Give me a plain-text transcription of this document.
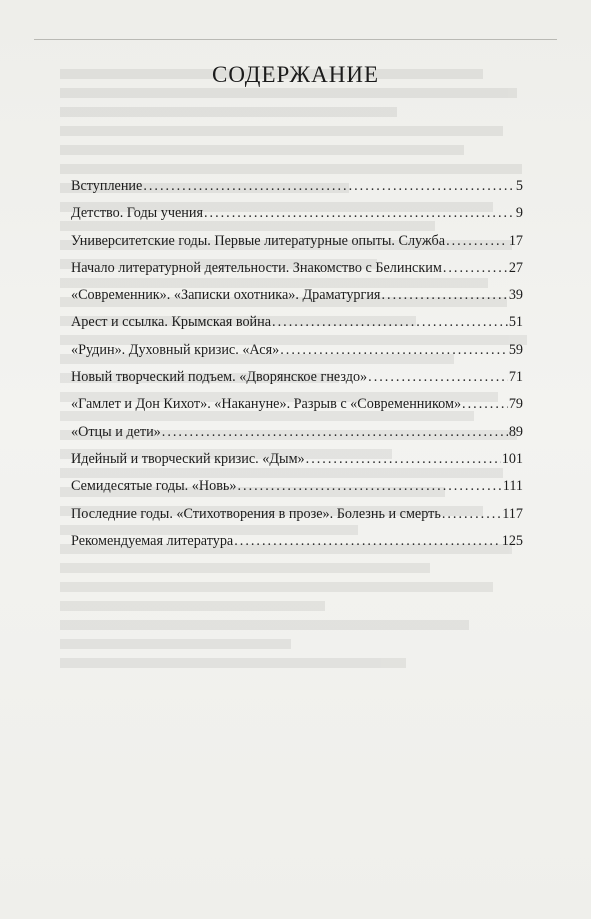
СОДЕРЖАНИЕ
Вступление .....	5
Детство. Годы учения .....	9
Университетские годы. Первые литературные опыты. Служба .....	17
Начало литературной деятельности. Знакомство с Белинским .....	27
«Современник». «Записки охотника». Драматургия .....	39
Арест и ссылка. Крымская война .....	51
«Рудин». Духовный кризис. «Ася» .....	59
Новый творческий подъем. «Дворянское гнездо» .....	71
«Гамлет и Дон Кихот». «Накануне». Разрыв с «Современником» .....	79
«Отцы и дети» .....	89
Идейный и творческий кризис. «Дым» .....	101
Семидесятые годы. «Новь» .....	111
Последние годы. «Стихотворения в прозе». Болезнь и смерть .....	117
Рекомендуемая литература .....	125
